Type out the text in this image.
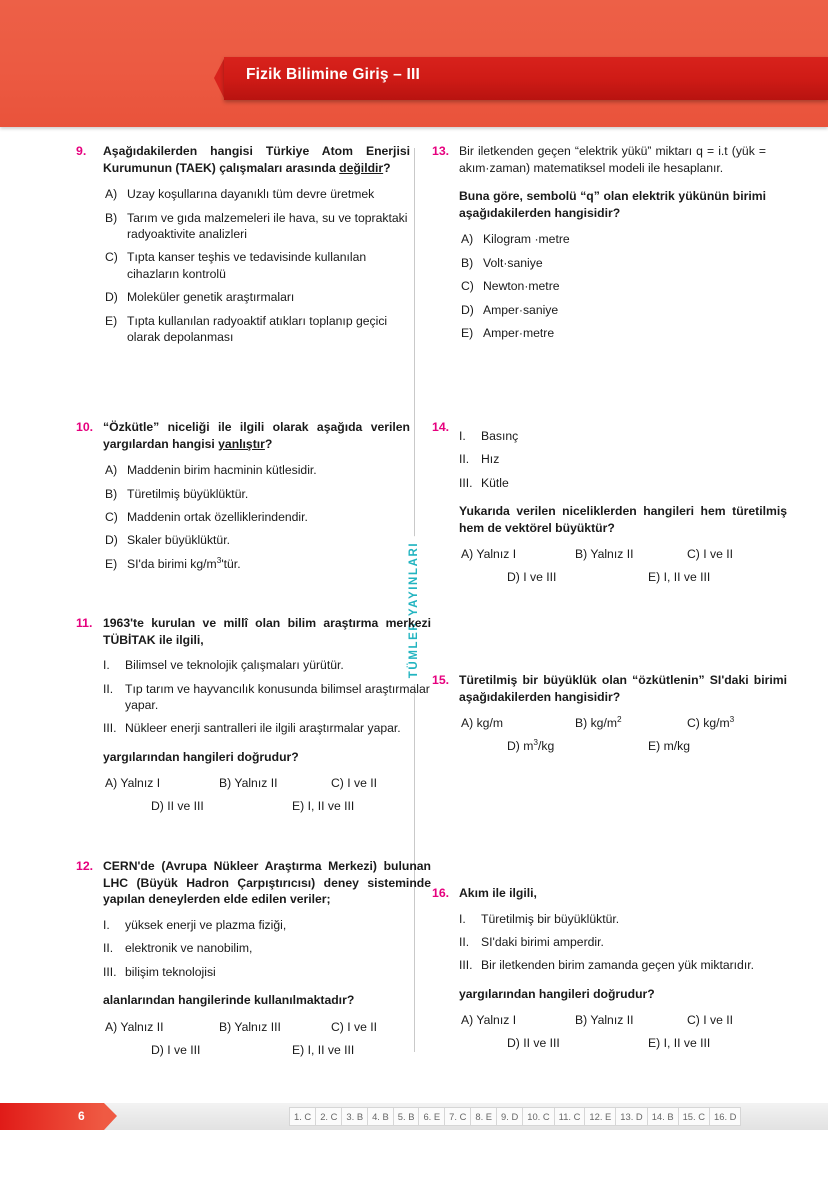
Fizik Bilimine Giriş – III
TÜMLER YAYINLARI
9.	Aşağıdakilerden hangisi Türkiye Atom Enerjisi Kurumunun (TAEK) çalışmaları arasında değildir?
A) Uzay koşullarına dayanıklı tüm devre üretmek
B) Tarım ve gıda malzemeleri ile hava, su ve topraktaki radyoaktivite analizleri
C) Tıpta kanser teşhis ve tedavisinde kullanılan cihazların kontrolü
D) Moleküler genetik araştırmaları
E) Tıpta kullanılan radyoaktif atıkları toplanıp geçici olarak depolanması
10. “Özkütle” niceliği ile ilgili olarak aşağıda verilen yargılardan hangisi yanlıştır?
A) Maddenin birim hacminin kütlesidir.
B) Türetilmiş büyüklüktür.
C) Maddenin ortak özelliklerindendir.
D) Skaler büyüklüktür.
E) SI'da birimi $kg/m^3'tür$.
11. 1963'te kurulan ve millî olan bilim araştırma merkezi TÜBİTAK ile ilgili,
I.	Bilimsel ve teknolojik çalışmaları yürütür.
II. Tıp tarım ve hayvancılık konusunda bilimsel araştırmalar yapar.
III. Nükleer enerji santralleri ile ilgili araştırmalar yapar.
yargılarından hangileri doğrudur?
A) Yalnız I	B) Yalnız II	C) I ve II
D) II ve III	E) I, II ve III
12. CERN'de (Avrupa Nükleer Araştırma Merkezi) bulunan LHC (Büyük Hadron Çarpıştırıcısı) deney sisteminde yapılan deneylerden elde edilen veriler;
I.	yüksek enerji ve plazma fiziği,
II. elektronik ve nanobilim,
III. bilişim teknolojisi
alanlarından hangilerinde kullanılmaktadır?
A) Yalnız II	B) Yalnız III	C) I ve II
D) I ve III	E) I, II ve III
13. Bir iletkenden geçen “elektrik yükü” miktarı q = i.t (yük = akım·zaman) matematiksel modeli ile hesaplanır.
Buna göre, sembolü “q” olan elektrik yükünün birimi aşağıdakilerden hangisidir?
A) Kilogram ·metre
B) Volt·saniye
C) Newton·metre
D) Amper·saniye
E) Amper·metre
14.
I.	Basınç
II. Hız
III. Kütle
Yukarıda verilen niceliklerden hangileri hem türetilmiş hem de vektörel büyüktür?
A) Yalnız I	B) Yalnız II	C) I ve II
D) I ve III	E) I, II ve III
15. Türetilmiş bir büyüklük olan “özkütlenin” SI'daki birimi aşağıdakilerden hangisidir?
A) kg/m	B) $kg/m^2$	C) $kg/m^3$
D) $m^3/kg$	E) m/kg
16. Akım ile ilgili,
I.	Türetilmiş bir büyüklüktür.
II. SI'daki birimi amperdir.
III. Bir iletkenden birim zamanda geçen yük miktarıdır.
yargılarından hangileri doğrudur?
A) Yalnız I	B) Yalnız II	C) I ve II
D) II ve III	E) I, II ve III
6	1. C 2. C 3. B 4. B 5. B 6. E 7. C 8. E 9. D 10. C 11. C 12. E 13. D 14. B 15. C 16. D
